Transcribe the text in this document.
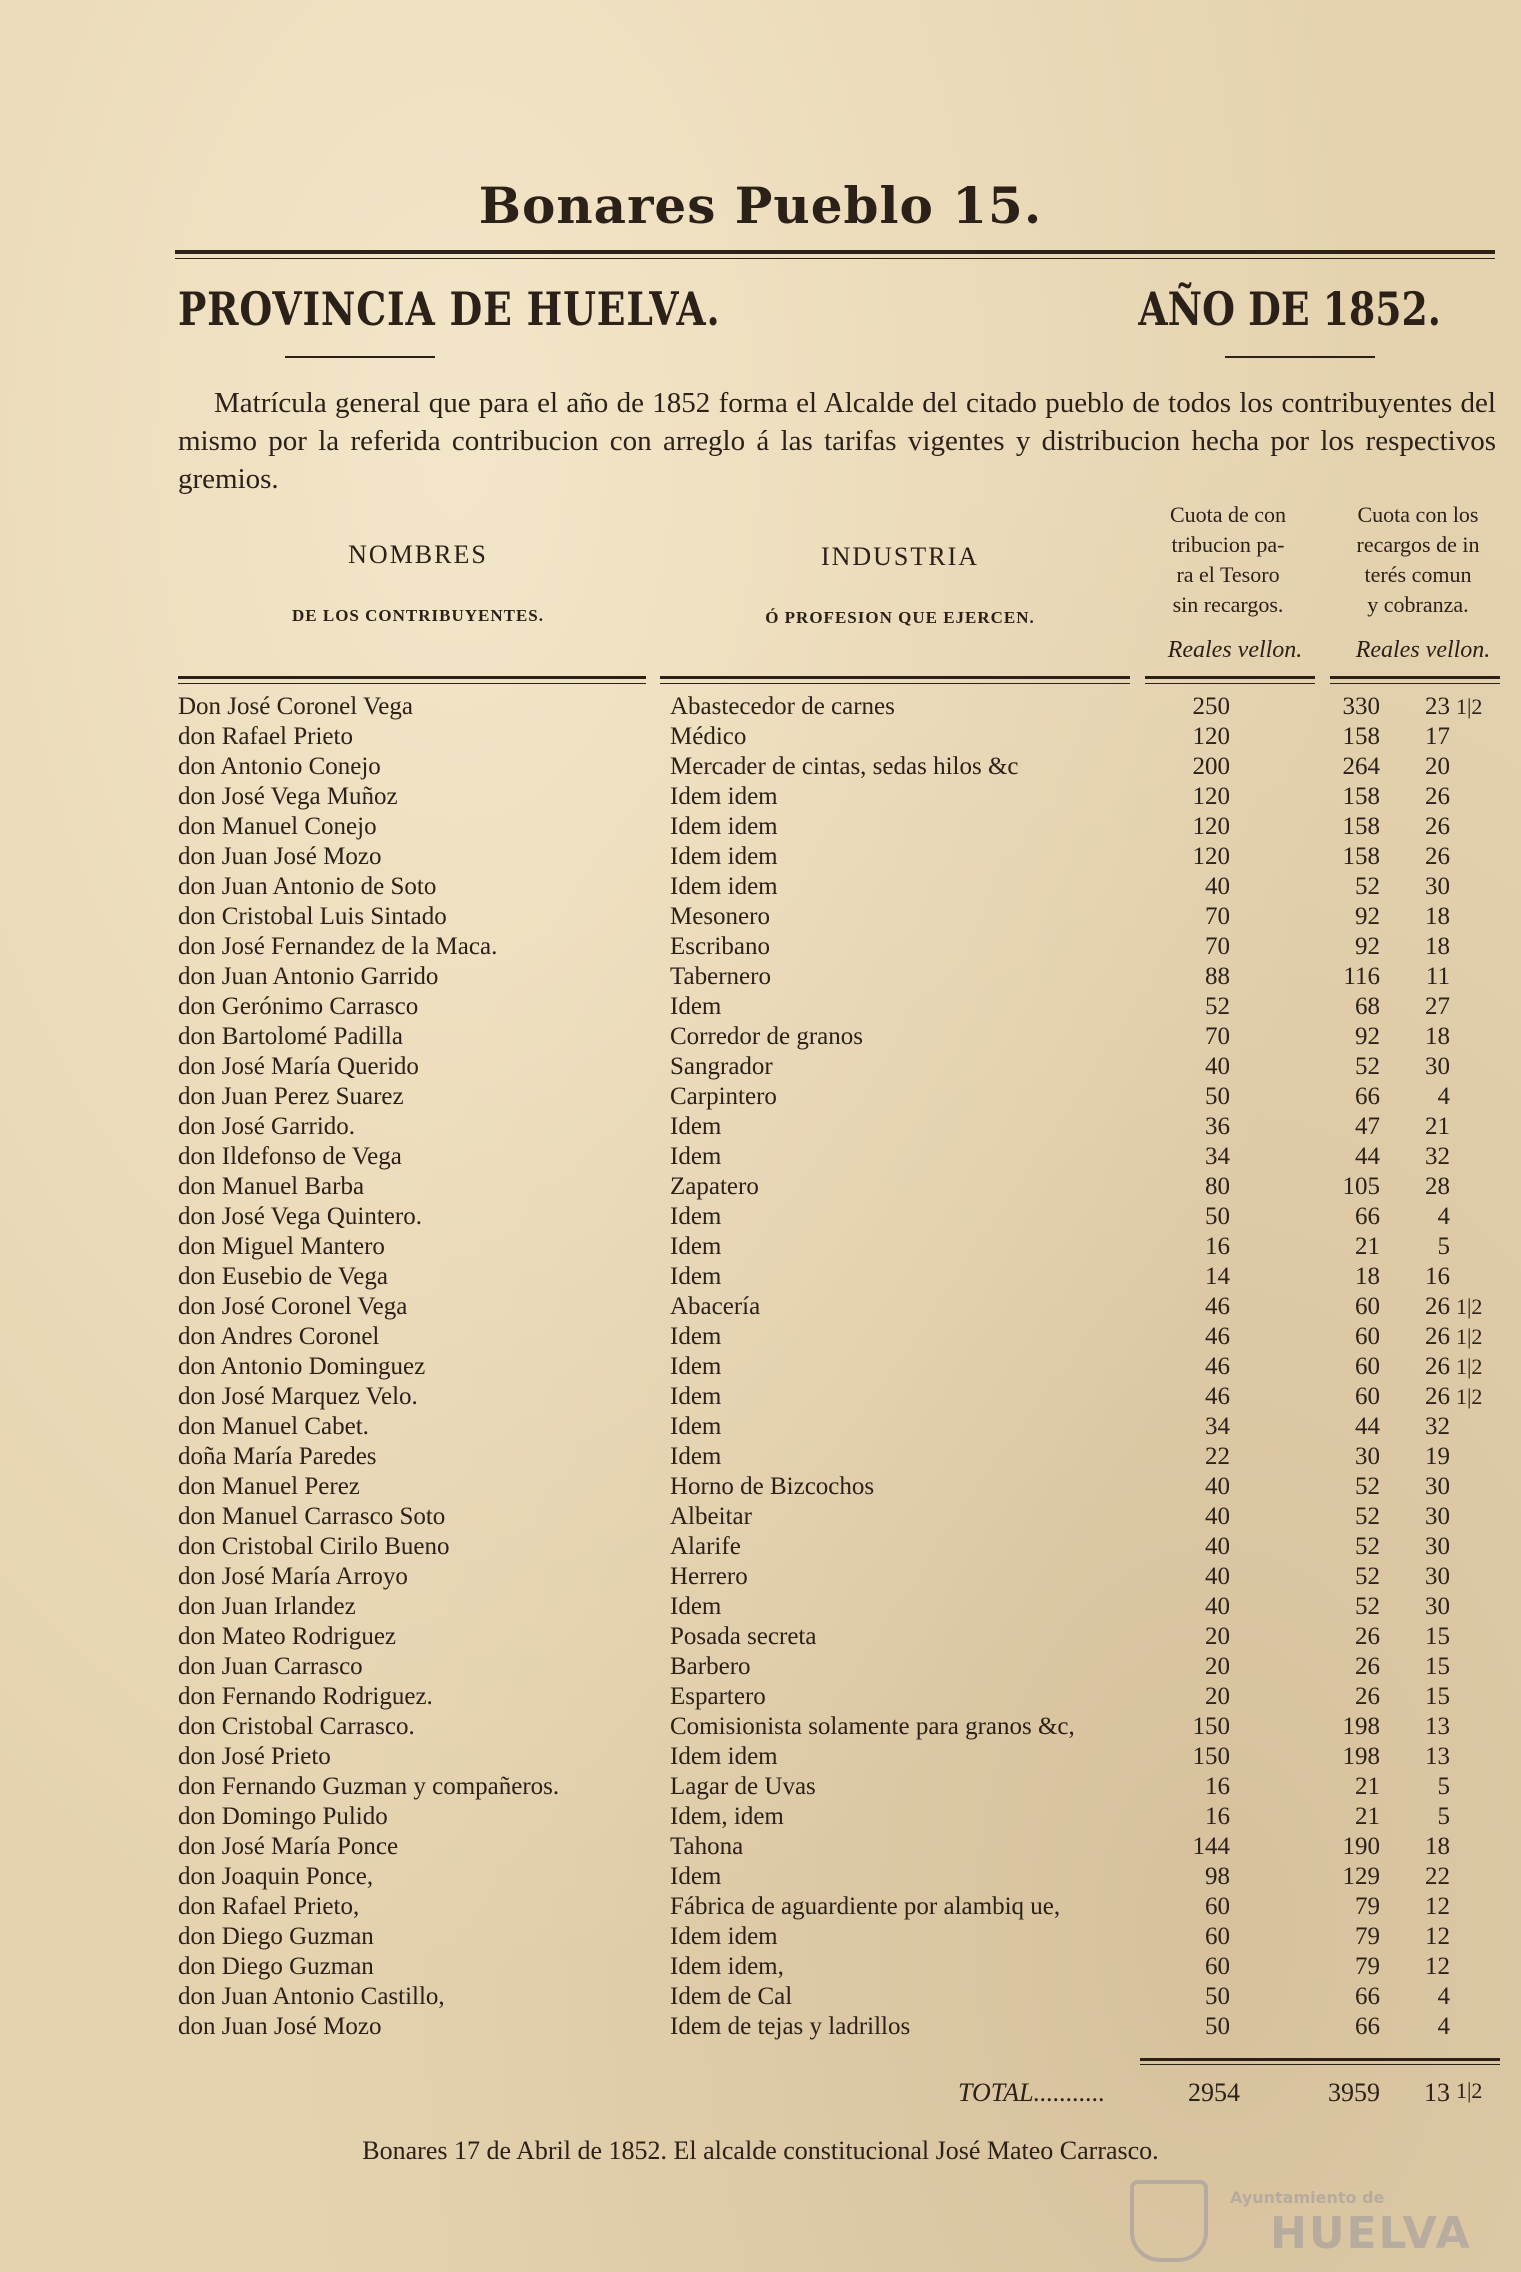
Bonares Pueblo 15.
PROVINCIA DE HUELVA.	AÑO DE 1852.
Matrícula general que para el año de 1852 forma el Alcalde del citado pueblo de todos los contribuyentes del mismo por la referida contribucion con arreglo á las tarifas vigentes y distribucion hecha por los respectivos gremios.
NOMBRES
DE LOS CONTRIBUYENTES.
INDUSTRIA
Ó PROFESION QUE EJERCEN.
Cuota de con
tribucion pa-
ra el Tesoro
sin recargos.
Reales vellon.
Cuota con los
recargos de in
terés comun
y cobranza.
Reales vellon.
Don José Coronel Vega	Abastecedor de carnes	250	330	23 1|2
don Rafael Prieto	Médico	120	158	17
don Antonio Conejo	Mercader de cintas, sedas hilos &c	200	264	20
don José Vega Muñoz	Idem idem	120	158	26
don Manuel Conejo	Idem idem	120	158	26
don Juan José Mozo	Idem idem	120	158	26
don Juan Antonio de Soto	Idem idem	40	52	30
don Cristobal Luis Sintado	Mesonero	70	92	18
don José Fernandez de la Maca.	Escribano	70	92	18
don Juan Antonio Garrido	Tabernero	88	116	11
don Gerónimo Carrasco	Idem	52	68	27
don Bartolomé Padilla	Corredor de granos	70	92	18
don José María Querido	Sangrador	40	52	30
don Juan Perez Suarez	Carpintero	50	66	4
don José Garrido.	Idem	36	47	21
don Ildefonso de Vega	Idem	34	44	32
don Manuel Barba	Zapatero	80	105	28
don José Vega Quintero.	Idem	50	66	4
don Miguel Mantero	Idem	16	21	5
don Eusebio de Vega	Idem	14	18	16
don José Coronel Vega	Abacería	46	60	26 1|2
don Andres Coronel	Idem	46	60	26 1|2
don Antonio Dominguez	Idem	46	60	26 1|2
don José Marquez Velo.	Idem	46	60	26 1|2
don Manuel Cabet.	Idem	34	44	32
doña María Paredes	Idem	22	30	19
don Manuel Perez	Horno de Bizcochos	40	52	30
don Manuel Carrasco Soto	Albeitar	40	52	30
don Cristobal Cirilo Bueno	Alarife	40	52	30
don José María Arroyo	Herrero	40	52	30
don Juan Irlandez	Idem	40	52	30
don Mateo Rodriguez	Posada secreta	20	26	15
don Juan Carrasco	Barbero	20	26	15
don Fernando Rodriguez.	Espartero	20	26	15
don Cristobal Carrasco.	Comisionista solamente para granos &c,	150	198	13
don José Prieto	Idem idem	150	198	13
don Fernando Guzman y compañeros.	Lagar de Uvas	16	21	5
don Domingo Pulido	Idem, idem	16	21	5
don José María Ponce	Tahona	144	190	18
don Joaquin Ponce,	Idem	98	129	22
don Rafael Prieto,	Fábrica de aguardiente por alambiq ue,	60	79	12
don Diego Guzman	Idem idem	60	79	12
don Diego Guzman	Idem idem,	60	79	12
don Juan Antonio Castillo,	Idem de Cal	50	66	4
don Juan José Mozo	Idem de tejas y ladrillos	50	66	4
TOTAL...........	2954	3959	13 1|2
Bonares 17 de Abril de 1852. El alcalde constitucional José Mateo Carrasco.
Ayuntamiento de
HUELVA
